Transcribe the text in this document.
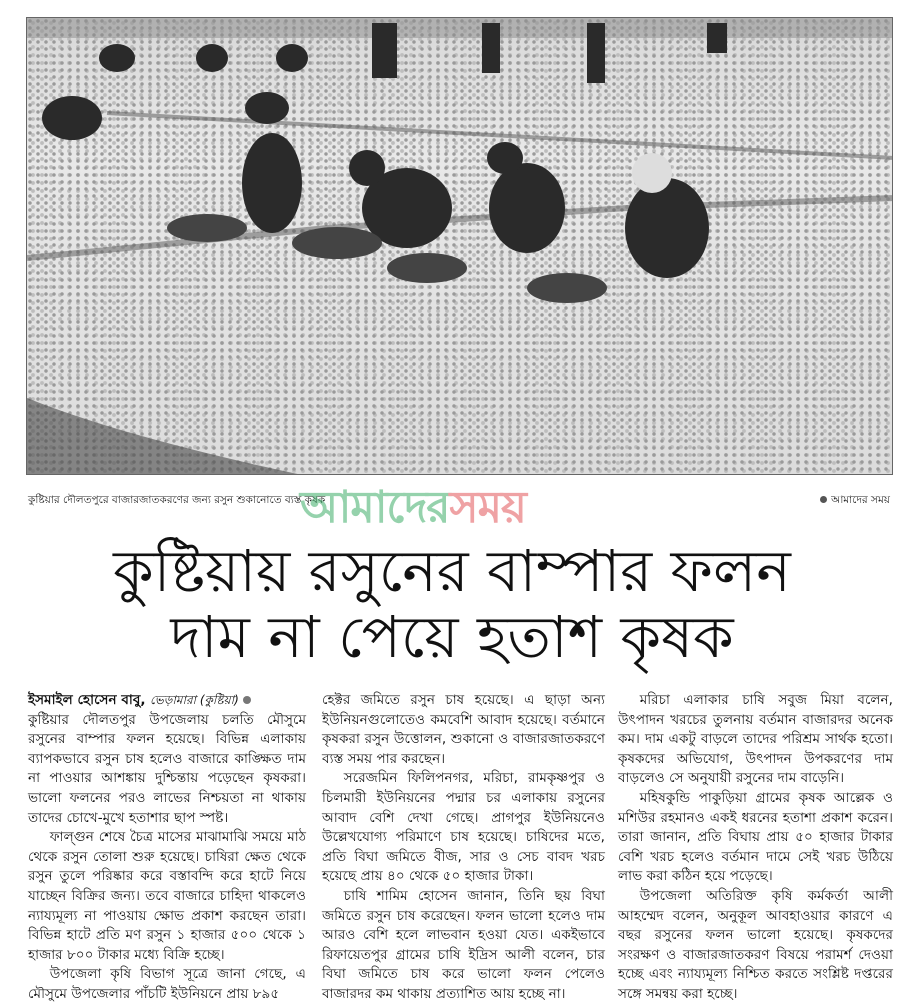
কুষ্টিয়ার দৌলতপুরে বাজারজাতকরণের জন্য রসুন শুকানোতে ব্যস্ত কৃষক
আমাদেরসময়	আমাদের সময়
কুষ্টিয়ায় রসুনের বাম্পার ফলন
দাম না পেয়ে হতাশ কৃষক
ইসমাইল হোসেন বাবু, ভেড়ামারা (কুষ্টিয়া)

কুষ্টিয়ার দৌলতপুর উপজেলায় চলতি মৌসুমে রসুনের বাম্পার ফলন হয়েছে। বিভিন্ন এলাকায় ব্যাপকভাবে রসুন চাষ হলেও বাজারে কাঙ্ক্ষিত দাম না পাওয়ার আশঙ্কায় দুশ্চিন্তায় পড়েছেন কৃষকরা। ভালো ফলনের পরও লাভের নিশ্চয়তা না থাকায় তাদের চোখে-মুখে হতাশার ছাপ স্পষ্ট।

ফাল্গুন শেষে চৈত্র মাসের মাঝামাঝি সময়ে মাঠ থেকে রসুন তোলা শুরু হয়েছে। চাষিরা ক্ষেত থেকে রসুন তুলে পরিষ্কার করে বস্তাবন্দি করে হাটে নিয়ে যাচ্ছেন বিক্রির জন্য। তবে বাজারে চাহিদা থাকলেও ন্যায্যমূল্য না পাওয়ায় ক্ষোভ প্রকাশ করছেন তারা। বিভিন্ন হাটে প্রতি মণ রসুন ১ হাজার ৫০০ থেকে ১ হাজার ৮০০ টাকার মধ্যে বিক্রি হচ্ছে।

উপজেলা কৃষি বিভাগ সূত্রে জানা গেছে, এ মৌসুমে উপজেলার পাঁচটি ইউনিয়নে প্রায় ৮৯৫

হেক্টর জমিতে রসুন চাষ হয়েছে। এ ছাড়া অন্য ইউনিয়নগুলোতেও কমবেশি আবাদ হয়েছে। বর্তমানে কৃষকরা রসুন উত্তোলন, শুকানো ও বাজারজাতকরণে ব্যস্ত সময় পার করছেন।

সরেজমিন ফিলিপনগর, মরিচা, রামকৃষ্ণপুর ও চিলমারী ইউনিয়নের পদ্মার চর এলাকায় রসুনের আবাদ বেশি দেখা গেছে। প্রাগপুর ইউনিয়নেও উল্লেখযোগ্য পরিমাণে চাষ হয়েছে। চাষিদের মতে, প্রতি বিঘা জমিতে বীজ, সার ও সেচ বাবদ খরচ হয়েছে প্রায় ৪০ থেকে ৫০ হাজার টাকা।

চাষি শামিম হোসেন জানান, তিনি ছয় বিঘা জমিতে রসুন চাষ করেছেন। ফলন ভালো হলেও দাম আরও বেশি হলে লাভবান হওয়া যেত। একইভাবে রিফায়েতপুর গ্রামের চাষি ইদ্রিস আলী বলেন, চার বিঘা জমিতে চাষ করে ভালো ফলন পেলেও বাজারদর কম থাকায় প্রত্যাশিত আয় হচ্ছে না।

মরিচা এলাকার চাষি সবুজ মিয়া বলেন, উৎপাদন খরচের তুলনায় বর্তমান বাজারদর অনেক কম। দাম একটু বাড়লে তাদের পরিশ্রম সার্থক হতো। কৃষকদের অভিযোগ, উৎপাদন উপকরণের দাম বাড়লেও সে অনুযায়ী রসুনের দাম বাড়েনি।

মহিষকুন্ডি পাকুড়িয়া গ্রামের কৃষক আল্লেক ও মশিউর রহমানও একই ধরনের হতাশা প্রকাশ করেন। তারা জানান, প্রতি বিঘায় প্রায় ৫০ হাজার টাকার বেশি খরচ হলেও বর্তমান দামে সেই খরচ উঠিয়ে লাভ করা কঠিন হয়ে পড়েছে।

উপজেলা অতিরিক্ত কৃষি কর্মকর্তা আলী আহম্মেদ বলেন, অনুকূল আবহাওয়ার কারণে এ বছর রসুনের ফলন ভালো হয়েছে। কৃষকদের সংরক্ষণ ও বাজারজাতকরণ বিষয়ে পরামর্শ দেওয়া হচ্ছে এবং ন্যায্যমূল্য নিশ্চিত করতে সংশ্লিষ্ট দপ্তরের সঙ্গে সমন্বয় করা হচ্ছে।
